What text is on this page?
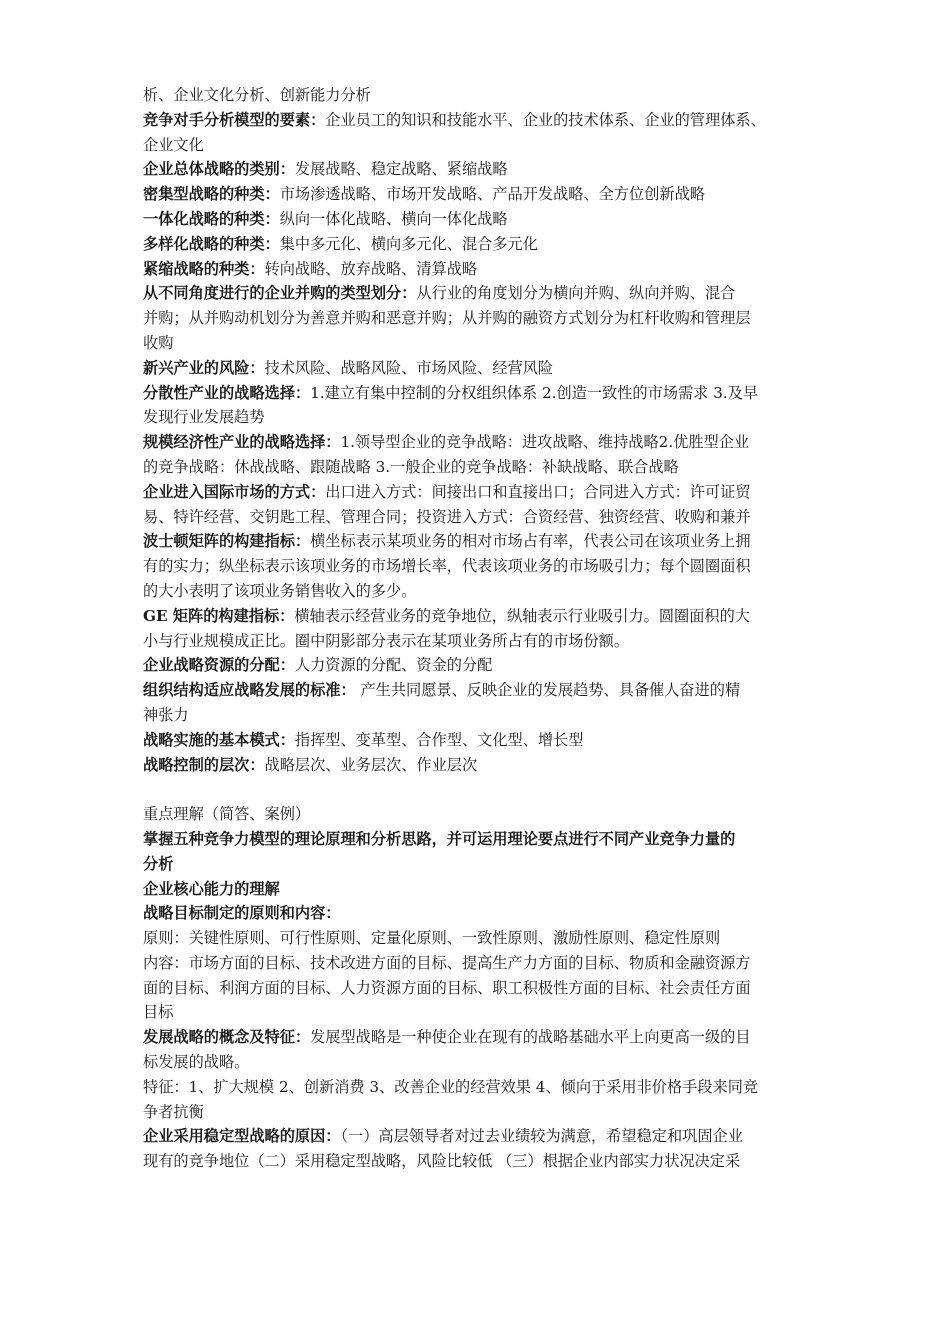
析、企业文化分析、创新能力分析
竞争对手分析模型的要素：企业员工的知识和技能水平、企业的技术体系、企业的管理体系、
企业文化
企业总体战略的类别：发展战略、稳定战略、紧缩战略
密集型战略的种类：市场渗透战略、市场开发战略、产品开发战略、全方位创新战略
一体化战略的种类：纵向一体化战略、横向一体化战略
多样化战略的种类：集中多元化、横向多元化、混合多元化
紧缩战略的种类：转向战略、放弃战略、清算战略
从不同角度进行的企业并购的类型划分：从行业的角度划分为横向并购、纵向并购、混合
并购；从并购动机划分为善意并购和恶意并购；从并购的融资方式划分为杠杆收购和管理层
收购
新兴产业的风险：技术风险、战略风险、市场风险、经营风险
分散性产业的战略选择：1.建立有集中控制的分权组织体系 2.创造一致性的市场需求 3.及早
发现行业发展趋势
规模经济性产业的战略选择：1.领导型企业的竞争战略：进攻战略、维持战略2.优胜型企业
的竞争战略：休战战略、跟随战略 3.一般企业的竞争战略：补缺战略、联合战略
企业进入国际市场的方式：出口进入方式：间接出口和直接出口；合同进入方式：许可证贸
易、特许经营、交钥匙工程、管理合同；投资进入方式：合资经营、独资经营、收购和兼并
波士顿矩阵的构建指标：横坐标表示某项业务的相对市场占有率，代表公司在该项业务上拥
有的实力；纵坐标表示该项业务的市场增长率，代表该项业务的市场吸引力；每个圆圈面积
的大小表明了该项业务销售收入的多少。
GE 矩阵的构建指标：横轴表示经营业务的竞争地位，纵轴表示行业吸引力。圆圈面积的大
小与行业规模成正比。圈中阴影部分表示在某项业务所占有的市场份额。
企业战略资源的分配：人力资源的分配、资金的分配
组织结构适应战略发展的标准： 产生共同愿景、反映企业的发展趋势、具备催人奋进的精
神张力
战略实施的基本模式：指挥型、变革型、合作型、文化型、增长型
战略控制的层次：战略层次、业务层次、作业层次
重点理解（简答、案例）
掌握五种竞争力模型的理论原理和分析思路，并可运用理论要点进行不同产业竞争力量的
分析
企业核心能力的理解
战略目标制定的原则和内容：
原则：关键性原则、可行性原则、定量化原则、一致性原则、激励性原则、稳定性原则
内容：市场方面的目标、技术改进方面的目标、提高生产力方面的目标、物质和金融资源方
面的目标、利润方面的目标、人力资源方面的目标、职工积极性方面的目标、社会责任方面
目标
发展战略的概念及特征：发展型战略是一种使企业在现有的战略基础水平上向更高一级的目
标发展的战略。
特征：1、扩大规模 2、创新消费 3、改善企业的经营效果 4、倾向于采用非价格手段来同竞
争者抗衡
企业采用稳定型战略的原因：（一）高层领导者对过去业绩较为满意，希望稳定和巩固企业
现有的竞争地位（二）采用稳定型战略，风险比较低 （三）根据企业内部实力状况决定采
